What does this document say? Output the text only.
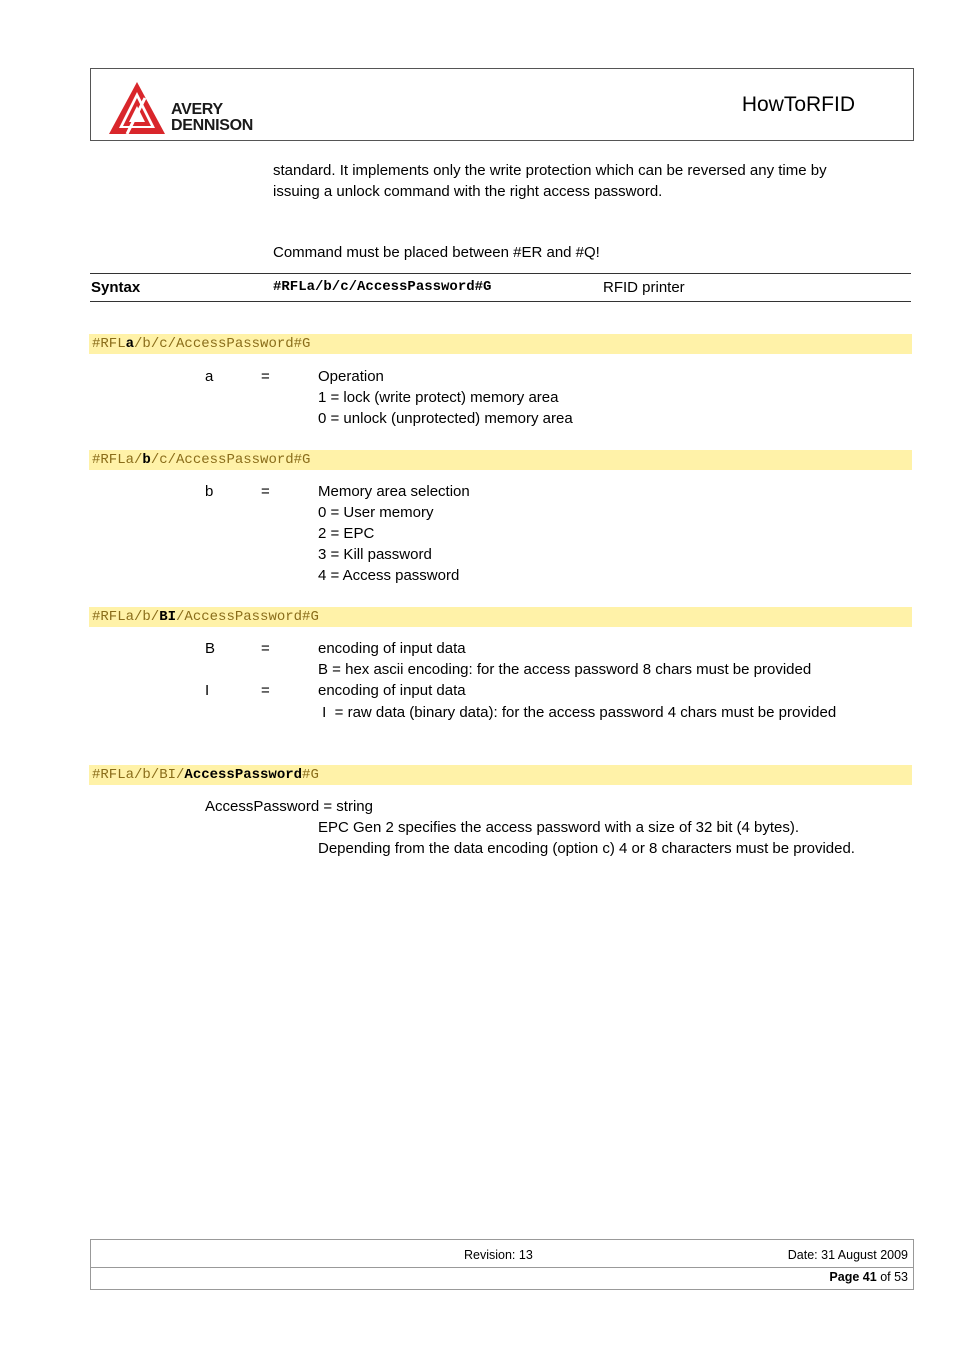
AVERY
DENNISON
HowToRFID
standard. It implements only the write protection which can be reversed any time by
issuing a unlock command with the right access password.
Command must be placed between #ER and #Q!
Syntax	#RFLa/b/c/AccessPassword#G	RFID printer
#RFLa/b/c/AccessPassword#G
a	=	Operation
1 = lock (write protect) memory area
0 = unlock (unprotected) memory area
#RFLa/b/c/AccessPassword#G
b	=	Memory area selection
0 = User memory
2 = EPC
3 = Kill password
4 = Access password
#RFLa/b/BI/AccessPassword#G
B	=	encoding of input data
B = hex ascii encoding: for the access password 8 chars must be provided
I	=	encoding of input data
I  = raw data (binary data): for the access password 4 chars must be provided
#RFLa/b/BI/AccessPassword#G
AccessPassword = string
EPC Gen 2 specifies the access password with a size of 32 bit (4 bytes).
Depending from the data encoding (option c) 4 or 8 characters must be provided.
Revision: 13	Date: 31 August 2009
Page 41 of 53
